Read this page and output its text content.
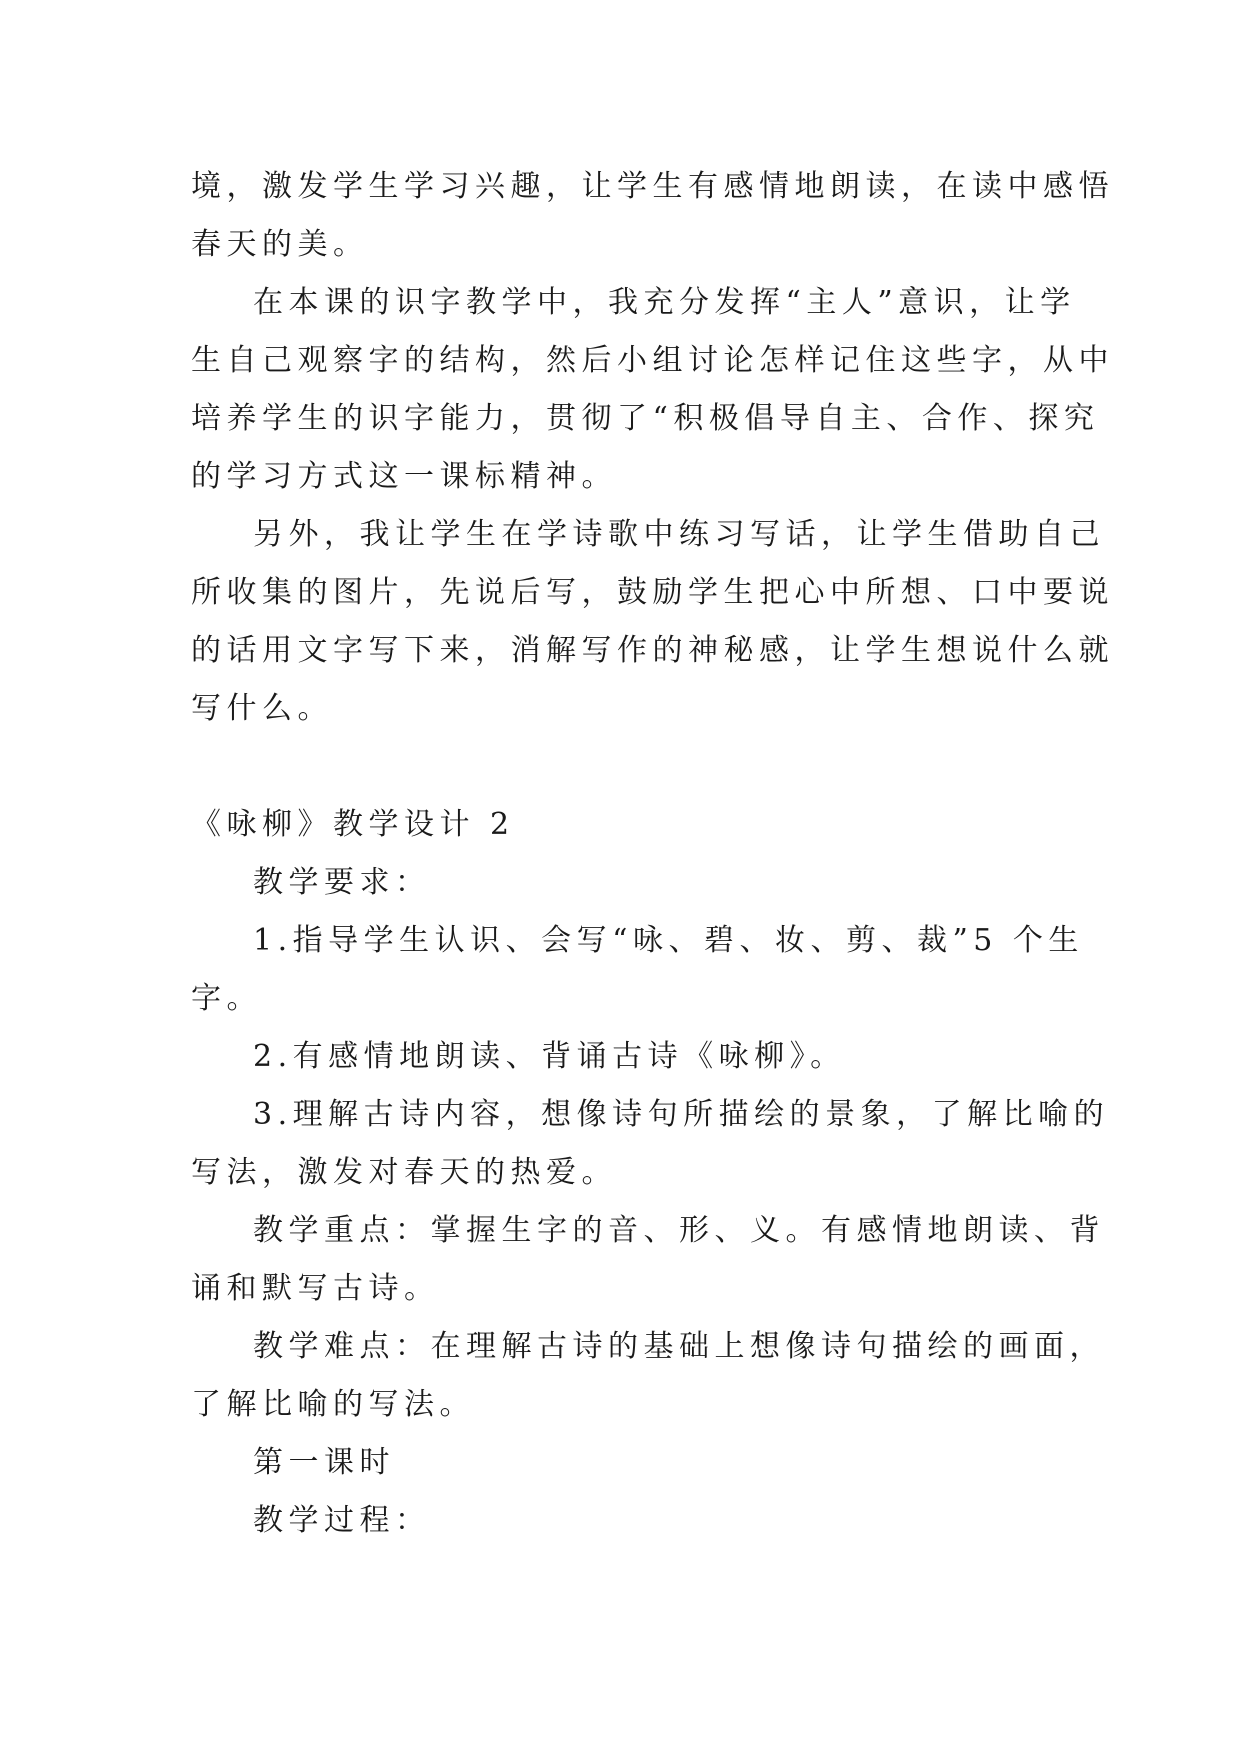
境，激发学生学习兴趣，让学生有感情地朗读，在读中感悟
春天的美。
在本课的识字教学中，我充分发挥“主人”意识，让学
生自己观察字的结构，然后小组讨论怎样记住这些字，从中
培养学生的识字能力，贯彻了“积极倡导自主、合作、探究
的学习方式这一课标精神。
另外，我让学生在学诗歌中练习写话，让学生借助自己
所收集的图片，先说后写，鼓励学生把心中所想、口中要说
的话用文字写下来，消解写作的神秘感，让学生想说什么就
写什么。
《咏柳》教学设计 2
教学要求：
1.指导学生认识、会写“咏、碧、妆、剪、裁”5 个生
字。
2.有感情地朗读、背诵古诗《咏柳》。
3.理解古诗内容，想像诗句所描绘的景象，了解比喻的
写法，激发对春天的热爱。
教学重点：掌握生字的音、形、义。有感情地朗读、背
诵和默写古诗。
教学难点：在理解古诗的基础上想像诗句描绘的画面，
了解比喻的写法。
第一课时
教学过程：
